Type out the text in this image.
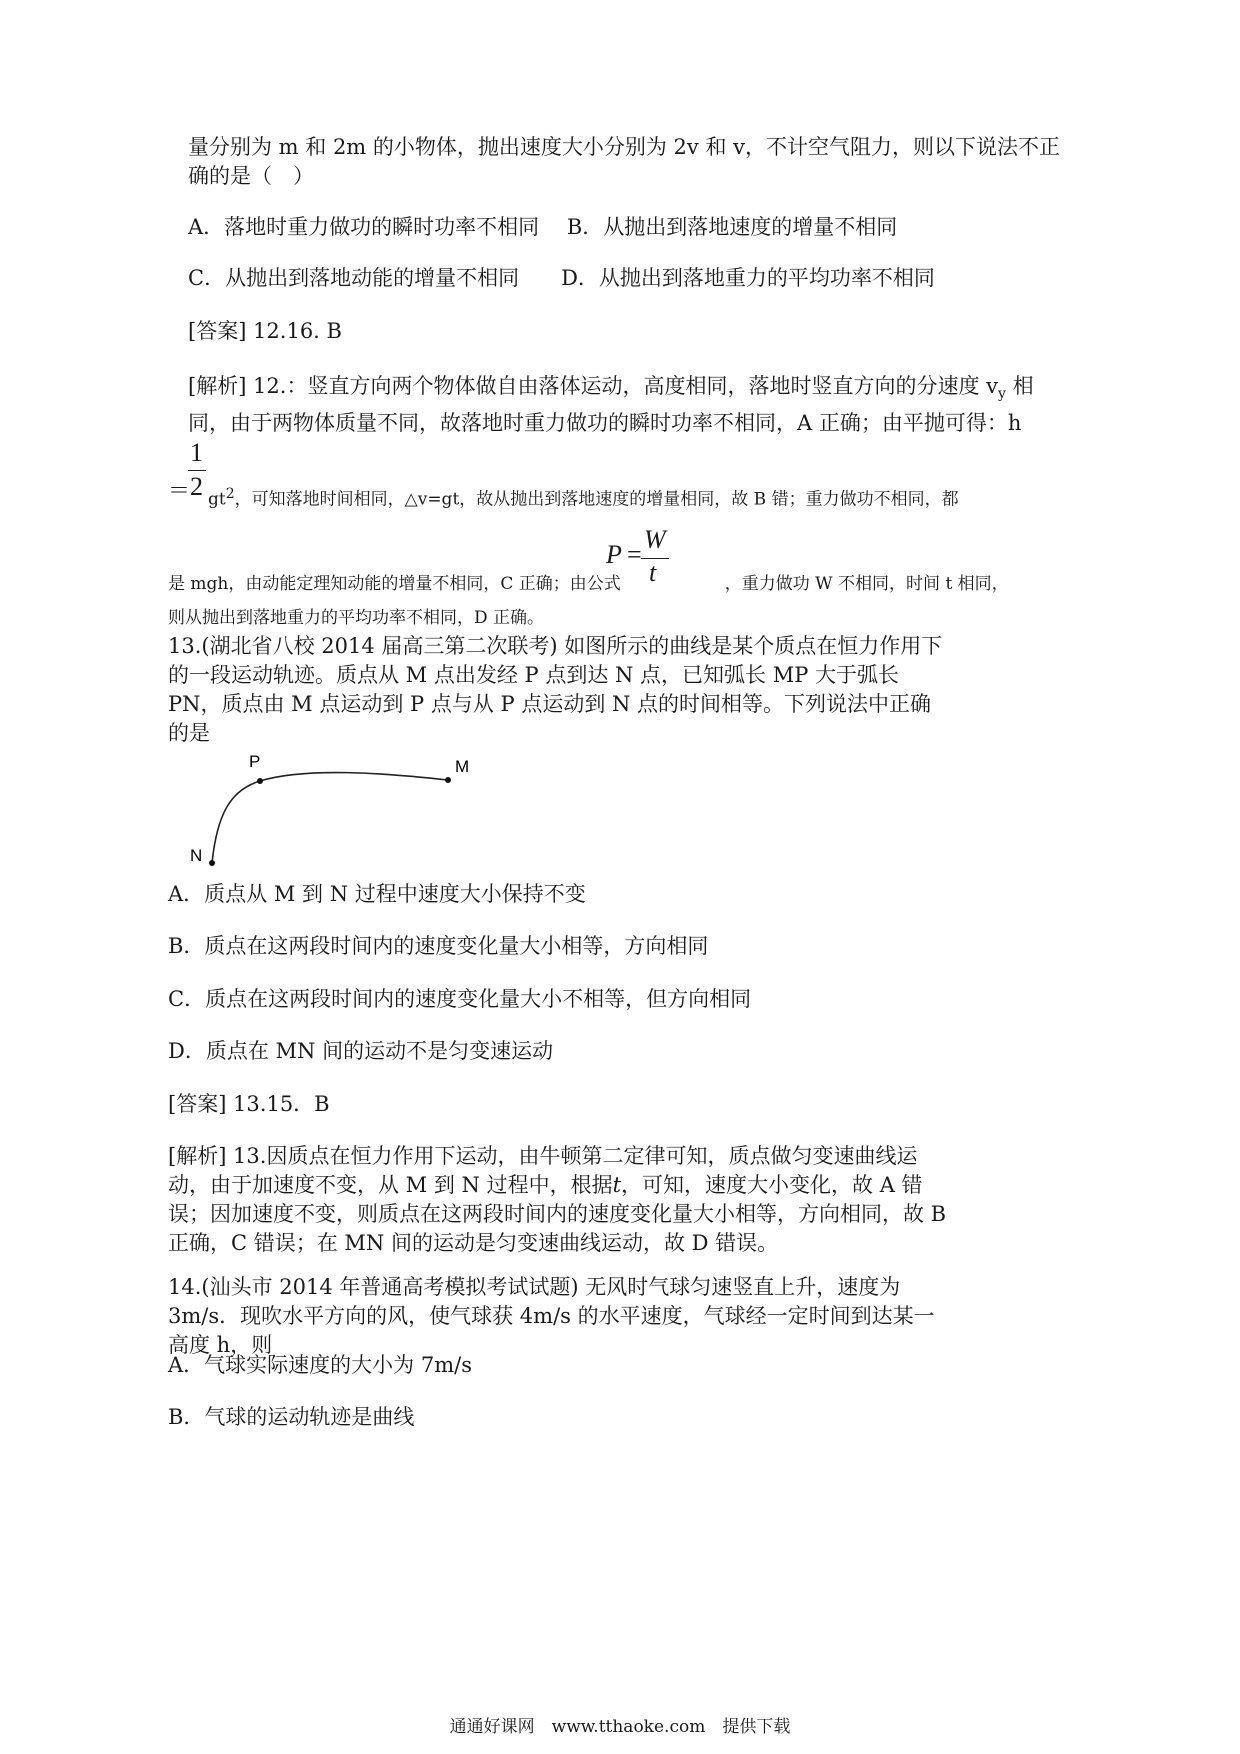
量分别为 m 和 2m 的小物体，抛出速度大小分别为 2v 和 v，不计空气阻力，则以下说法不正确的是（　）

A．落地时重力做功的瞬时功率不相同　 B．从抛出到落地速度的增量不相同

C．从抛出到落地动能的增量不相同　　D．从抛出到落地重力的平均功率不相同

[答案] 12.16. B

[解析] 12.：竖直方向两个物体做自由落体运动，高度相同，落地时竖直方向的分速度 $v_y$ 相同，由于两物体质量不同，故落地时重力做功的瞬时功率不相同，A 正确；由平抛可得：h

1
2
＝ $gt^2$，可知落地时间相同，△v=gt，故从抛出到落地速度的增量相同，故 B 错；重力做功不相同，都

P =
W
t

是 mgh，由动能定理知动能的增量不相同，C 正确；由公式	，重力做功 W 不相同，时间 t 相同，

则从抛出到落地重力的平均功率不相同，D 正确。

13.(湖北省八校 2014 届高三第二次联考) 如图所示的曲线是某个质点在恒力作用下的一段运动轨迹。质点从 M 点出发经 P 点到达 N 点，已知弧长 MP 大于弧长 PN，质点由 M 点运动到 P 点与从 P 点运动到 N 点的时间相等。下列说法中正确的是

P	M
N

A．质点从 M 到 N 过程中速度大小保持不变

B．质点在这两段时间内的速度变化量大小相等，方向相同

C．质点在这两段时间内的速度变化量大小不相等，但方向相同

D．质点在 MN 间的运动不是匀变速运动

[答案] 13.15．B

[解析] 13.因质点在恒力作用下运动，由牛顿第二定律可知，质点做匀变速曲线运动，由于加速度不变，从 M 到 N 过程中，根据t，可知，速度大小变化，故 A 错误；因加速度不变，则质点在这两段时间内的速度变化量大小相等，方向相同，故 B 正确，C 错误；在 MN 间的运动是匀变速曲线运动，故 D 错误。

14.(汕头市 2014 年普通高考模拟考试试题) 无风时气球匀速竖直上升，速度为 3m/s．现吹水平方向的风，使气球获 4m/s 的水平速度，气球经一定时间到达某一高度 h，则

A．气球实际速度的大小为 7m/s

B．气球的运动轨迹是曲线

通通好课网　www.tthaoke.com　提供下载
